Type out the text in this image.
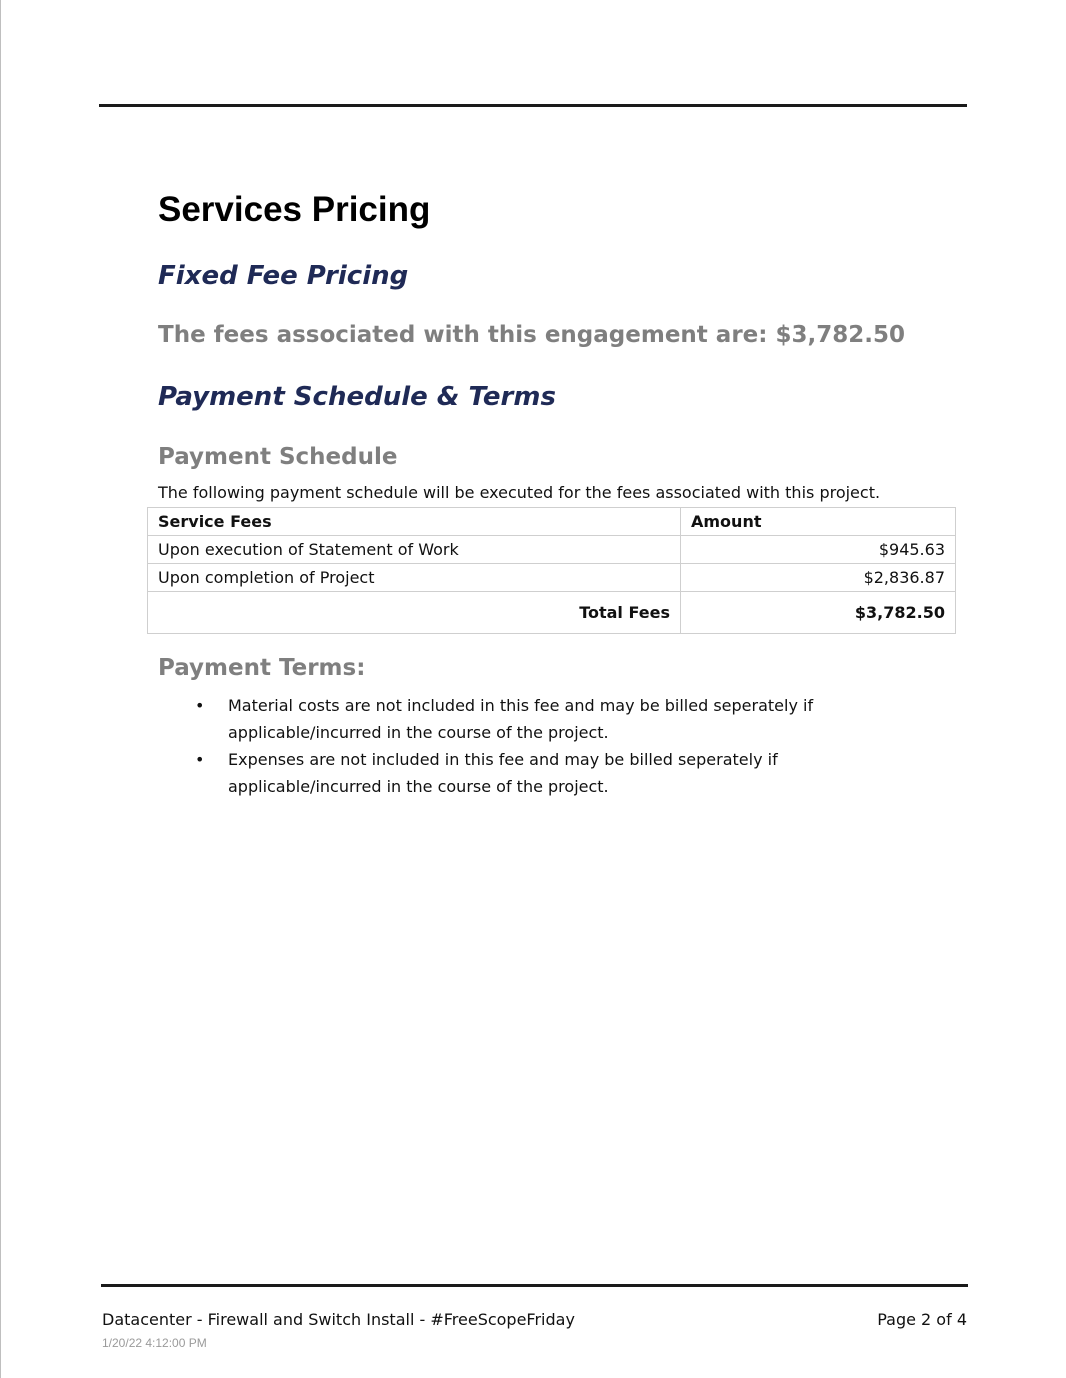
Services Pricing
Fixed Fee Pricing

The fees associated with this engagement are: $3,782.50

Payment Schedule & Terms
Payment Schedule

The following payment schedule will be executed for the fees associated with this project.

Payment Terms:
• Material costs are not included in this fee and may be billed seperately if
applicable/incurred in the course of the project.
• Expenses are not included in this fee and may be billed seperately if
applicable/incurred in the course of the project.
Service Fees	Amount
Upon execution of Statement of Work	$945.63
Upon completion of Project	$2,836.87
Total Fees	$3,782.50
Datacenter - Firewall and Switch Install - #FreeScopeFriday	Page 2 of 4
1/20/22 4:12:00 PM
